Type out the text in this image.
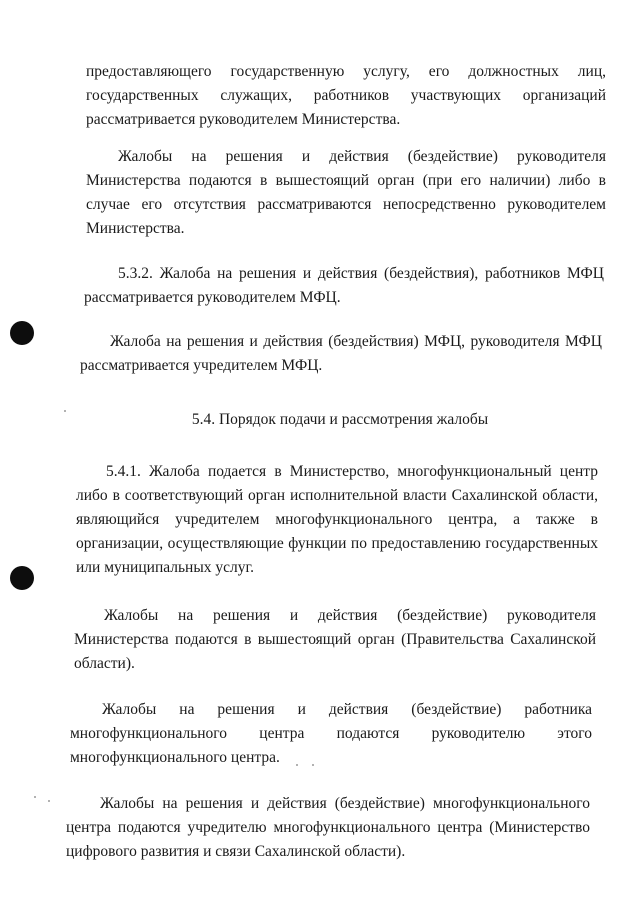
предоставляющего государственную услугу, его должностных лиц, государственных служащих, работников участвующих организаций рассматривается руководителем Министерства.

Жалобы на решения и действия (бездействие) руководителя Министерства подаются в вышестоящий орган (при его наличии) либо в случае его отсутствия рассматриваются непосредственно руководителем Министерства.

5.3.2. Жалоба на решения и действия (бездействия), работников МФЦ рассматривается руководителем МФЦ.

Жалоба на решения и действия (бездействия) МФЦ, руководителя МФЦ рассматривается учредителем МФЦ.

5.4. Порядок подачи и рассмотрения жалобы

5.4.1. Жалоба подается в Министерство, многофункциональный центр либо в соответствующий орган исполнительной власти Сахалинской области, являющийся учредителем многофункционального центра, а также в организации, осуществляющие функции по предоставлению государственных или муниципальных услуг.

Жалобы на решения и действия (бездействие) руководителя Министерства подаются в вышестоящий орган (Правительства Сахалинской области).

Жалобы на решения и действия (бездействие) работника многофункционального центра подаются руководителю этого многофункционального центра.

Жалобы на решения и действия (бездействие) многофункционального центра подаются учредителю многофункционального центра (Министерство цифрового развития и связи Сахалинской области).
